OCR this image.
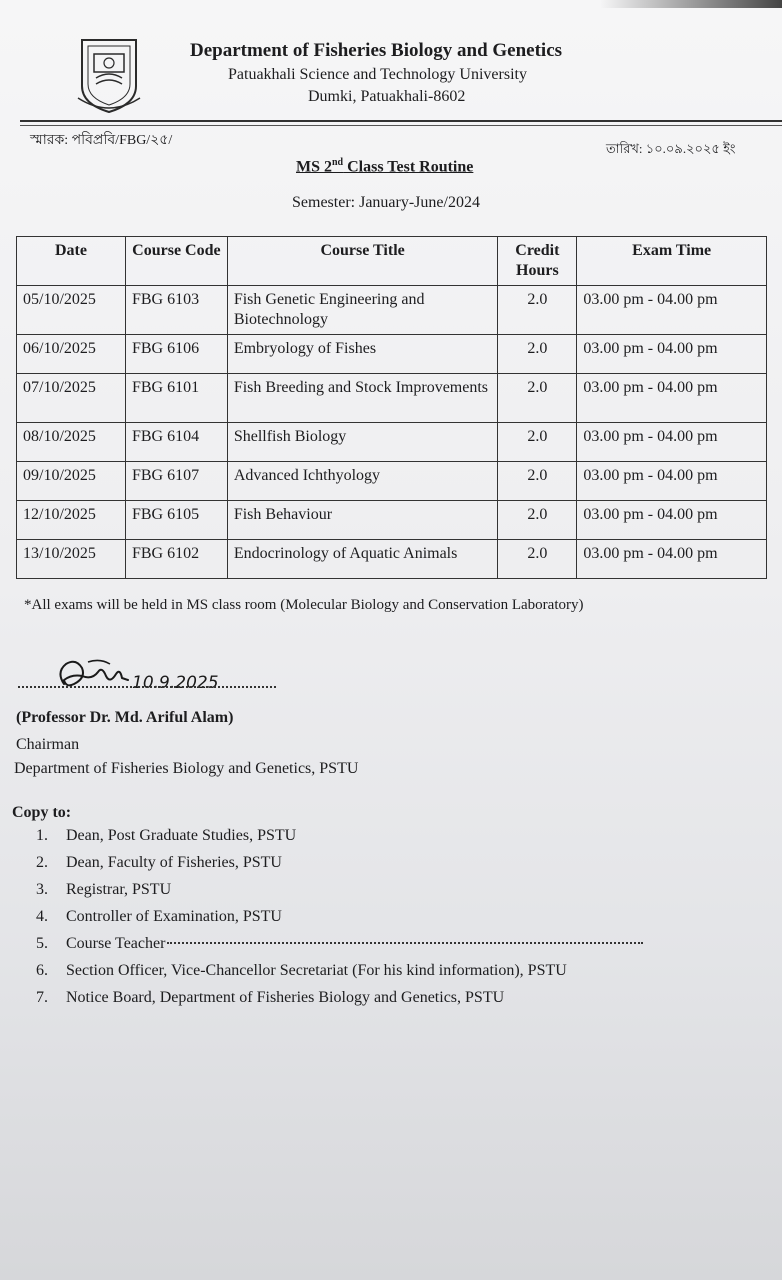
Department of Fisheries Biology and Genetics
Patuakhali Science and Technology University
Dumki, Patuakhali-8602
স্মারক: পবিপ্রবি/FBG/২৫/
তারিখ: ১০.০৯.২০২৫ ইং
MS 2nd Class Test Routine
Semester: January-June/2024
Date	Course Code	Course Title	Credit Hours	Exam Time
05/10/2025	FBG 6103	Fish Genetic Engineering and Biotechnology	2.0	03.00 pm - 04.00 pm
06/10/2025	FBG 6106	Embryology of Fishes	2.0	03.00 pm - 04.00 pm
07/10/2025	FBG 6101	Fish Breeding and Stock Improvements	2.0	03.00 pm - 04.00 pm
08/10/2025	FBG 6104	Shellfish Biology	2.0	03.00 pm - 04.00 pm
09/10/2025	FBG 6107	Advanced Ichthyology	2.0	03.00 pm - 04.00 pm
12/10/2025	FBG 6105	Fish Behaviour	2.0	03.00 pm - 04.00 pm
13/10/2025	FBG 6102	Endocrinology of Aquatic Animals	2.0	03.00 pm - 04.00 pm
*All exams will be held in MS class room (Molecular Biology and Conservation Laboratory)
10.9.2025
(Professor Dr. Md. Ariful Alam)
Chairman
Department of Fisheries Biology and Genetics, PSTU
Copy to:
1. Dean, Post Graduate Studies, PSTU
2. Dean, Faculty of Fisheries, PSTU
3. Registrar, PSTU
4. Controller of Examination, PSTU
5. Course Teacher
6. Section Officer, Vice-Chancellor Secretariat (For his kind information), PSTU
7. Notice Board, Department of Fisheries Biology and Genetics, PSTU
